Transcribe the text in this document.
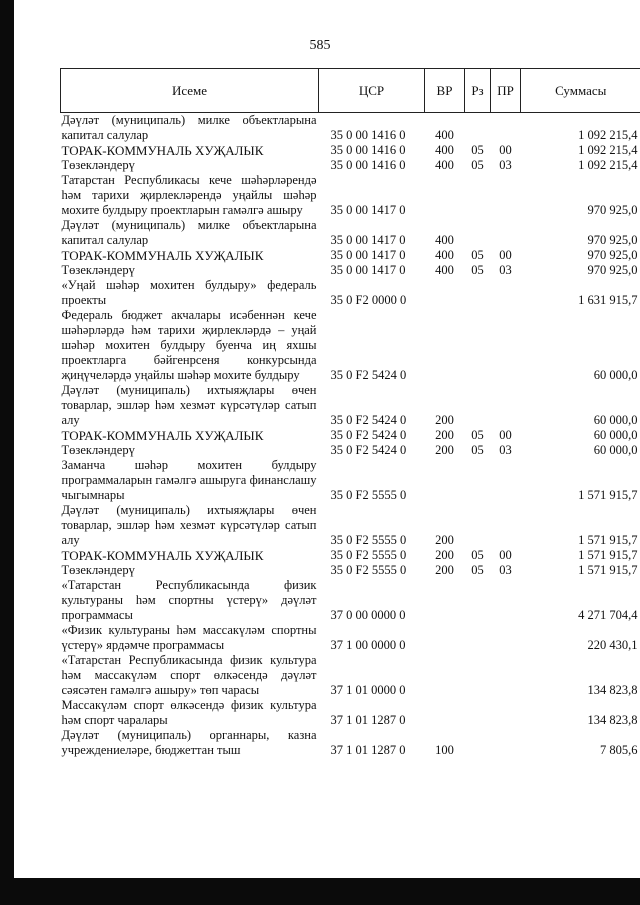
585
Исеме	ЦСР	ВР	Рз	ПР	Суммасы
Дәүләт (муниципаль) милке объектларына капитал салулар	35 0 00 1416 0	400			1 092 215,4
ТОРАК-КОММУНАЛЬ ХУҖАЛЫК	35 0 00 1416 0	400	05	00	1 092 215,4
Төзекләндерү	35 0 00 1416 0	400	05	03	1 092 215,4
Татарстан Республикасы кече шәһәрләрендә һәм тарихи җирлекләрендә уңайлы шәһәр мохите булдыру проектларын гамәлгә ашыру	35 0 00 1417 0				970 925,0
Дәүләт (муниципаль) милке объектларына капитал салулар	35 0 00 1417 0	400			970 925,0
ТОРАК-КОММУНАЛЬ ХУҖАЛЫК	35 0 00 1417 0	400	05	00	970 925,0
Төзекләндерү	35 0 00 1417 0	400	05	03	970 925,0
«Уңай шәһәр мохитен булдыру» федераль проекты	35 0 F2 0000 0				1 631 915,7
Федераль бюджет акчалары исәбеннән кече шәһәрләрдә һәм тарихи җирлекләрдә – уңай шәһәр мохитен булдыру буенча иң яхшы проектларга бәйгенрсеня конкурсында җиңүчеләрдә уңайлы шәһәр мохите булдыру	35 0 F2 5424 0				60 000,0
Дәүләт (муниципаль) ихтыяҗлары өчен товарлар, эшләр һәм хезмәт күрсәтүләр сатып алу	35 0 F2 5424 0	200			60 000,0
ТОРАК-КОММУНАЛЬ ХУҖАЛЫК	35 0 F2 5424 0	200	05	00	60 000,0
Төзекләндерү	35 0 F2 5424 0	200	05	03	60 000,0
Заманча шәһәр мохитен булдыру программаларын гамәлгә ашыруга финанслашу чыгымнары	35 0 F2 5555 0				1 571 915,7
Дәүләт (муниципаль) ихтыяҗлары өчен товарлар, эшләр һәм хезмәт күрсәтүләр сатып алу	35 0 F2 5555 0	200			1 571 915,7
ТОРАК-КОММУНАЛЬ ХУҖАЛЫК	35 0 F2 5555 0	200	05	00	1 571 915,7
Төзекләндерү	35 0 F2 5555 0	200	05	03	1 571 915,7
«Татарстан Республикасында физик культураны һәм спортны үстерү» дәүләт программасы	37 0 00 0000 0				4 271 704,4
«Физик культураны һәм массакүләм спортны үстерү» ярдәмче программасы	37 1 00 0000 0				220 430,1
«Татарстан Республикасында физик культура һәм массакүләм спорт өлкәсендә дәүләт сәясәтен гамәлгә ашыру» төп чарасы	37 1 01 0000 0				134 823,8
Массакүләм спорт өлкәсендә физик культура һәм спорт чаралары	37 1 01 1287 0				134 823,8
Дәүләт (муниципаль) органнары, казна учреждениеләре, бюджеттан тыш	37 1 01 1287 0	100			7 805,6
